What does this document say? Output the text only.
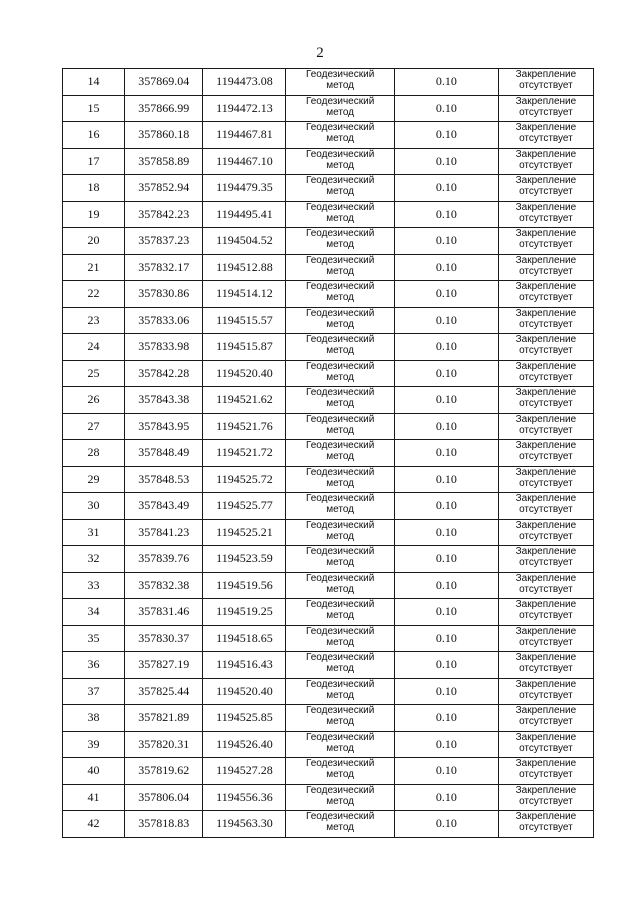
2
14	357869.04	1194473.08	Геодезический
метод	0.10	Закрепление
отсутствует

15	357866.99	1194472.13	Геодезический
метод	0.10	Закрепление
отсутствует

16	357860.18	1194467.81	Геодезический
метод	0.10	Закрепление
отсутствует

17	357858.89	1194467.10	Геодезический
метод	0.10	Закрепление
отсутствует

18	357852.94	1194479.35	Геодезический
метод	0.10	Закрепление
отсутствует

19	357842.23	1194495.41	Геодезический
метод	0.10	Закрепление
отсутствует

20	357837.23	1194504.52	Геодезический
метод	0.10	Закрепление
отсутствует

21	357832.17	1194512.88	Геодезический
метод	0.10	Закрепление
отсутствует

22	357830.86	1194514.12	Геодезический
метод	0.10	Закрепление
отсутствует

23	357833.06	1194515.57	Геодезический
метод	0.10	Закрепление
отсутствует

24	357833.98	1194515.87	Геодезический
метод	0.10	Закрепление
отсутствует

25	357842.28	1194520.40	Геодезический
метод	0.10	Закрепление
отсутствует

26	357843.38	1194521.62	Геодезический
метод	0.10	Закрепление
отсутствует

27	357843.95	1194521.76	Геодезический
метод	0.10	Закрепление
отсутствует

28	357848.49	1194521.72	Геодезический
метод	0.10	Закрепление
отсутствует

29	357848.53	1194525.72	Геодезический
метод	0.10	Закрепление
отсутствует

30	357843.49	1194525.77	Геодезический
метод	0.10	Закрепление
отсутствует

31	357841.23	1194525.21	Геодезический
метод	0.10	Закрепление
отсутствует

32	357839.76	1194523.59	Геодезический
метод	0.10	Закрепление
отсутствует

33	357832.38	1194519.56	Геодезический
метод	0.10	Закрепление
отсутствует

34	357831.46	1194519.25	Геодезический
метод	0.10	Закрепление
отсутствует

35	357830.37	1194518.65	Геодезический
метод	0.10	Закрепление
отсутствует

36	357827.19	1194516.43	Геодезический
метод	0.10	Закрепление
отсутствует

37	357825.44	1194520.40	Геодезический
метод	0.10	Закрепление
отсутствует

38	357821.89	1194525.85	Геодезический
метод	0.10	Закрепление
отсутствует

39	357820.31	1194526.40	Геодезический
метод	0.10	Закрепление
отсутствует

40	357819.62	1194527.28	Геодезический
метод	0.10	Закрепление
отсутствует

41	357806.04	1194556.36	Геодезический
метод	0.10	Закрепление
отсутствует

42	357818.83	1194563.30	Геодезический
метод	0.10	Закрепление
отсутствует
